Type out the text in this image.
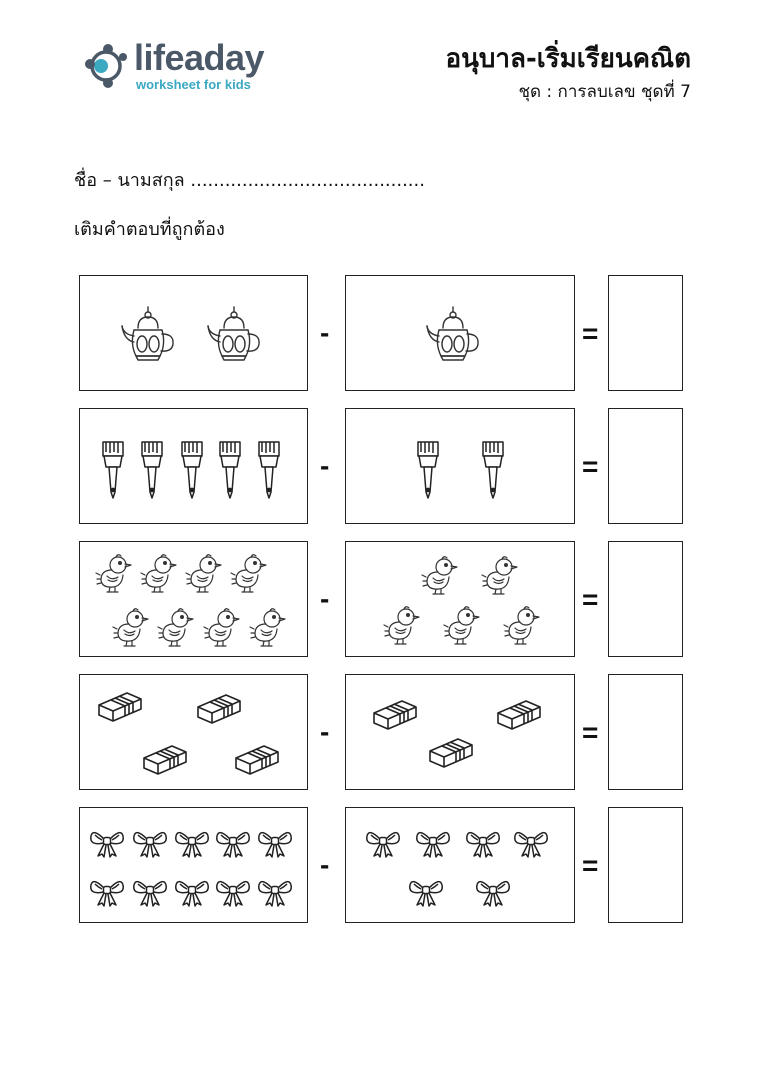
lifeaday
worksheet for kids
อนุบาล-เริ่มเรียนคณิต
ชุด : การลบเลข ชุดที่ 7
ชื่อ – นามสกุล .........................................
เติมคำตอบที่ถูกต้อง
-	=
-	=
-	=
-	=
-	=
